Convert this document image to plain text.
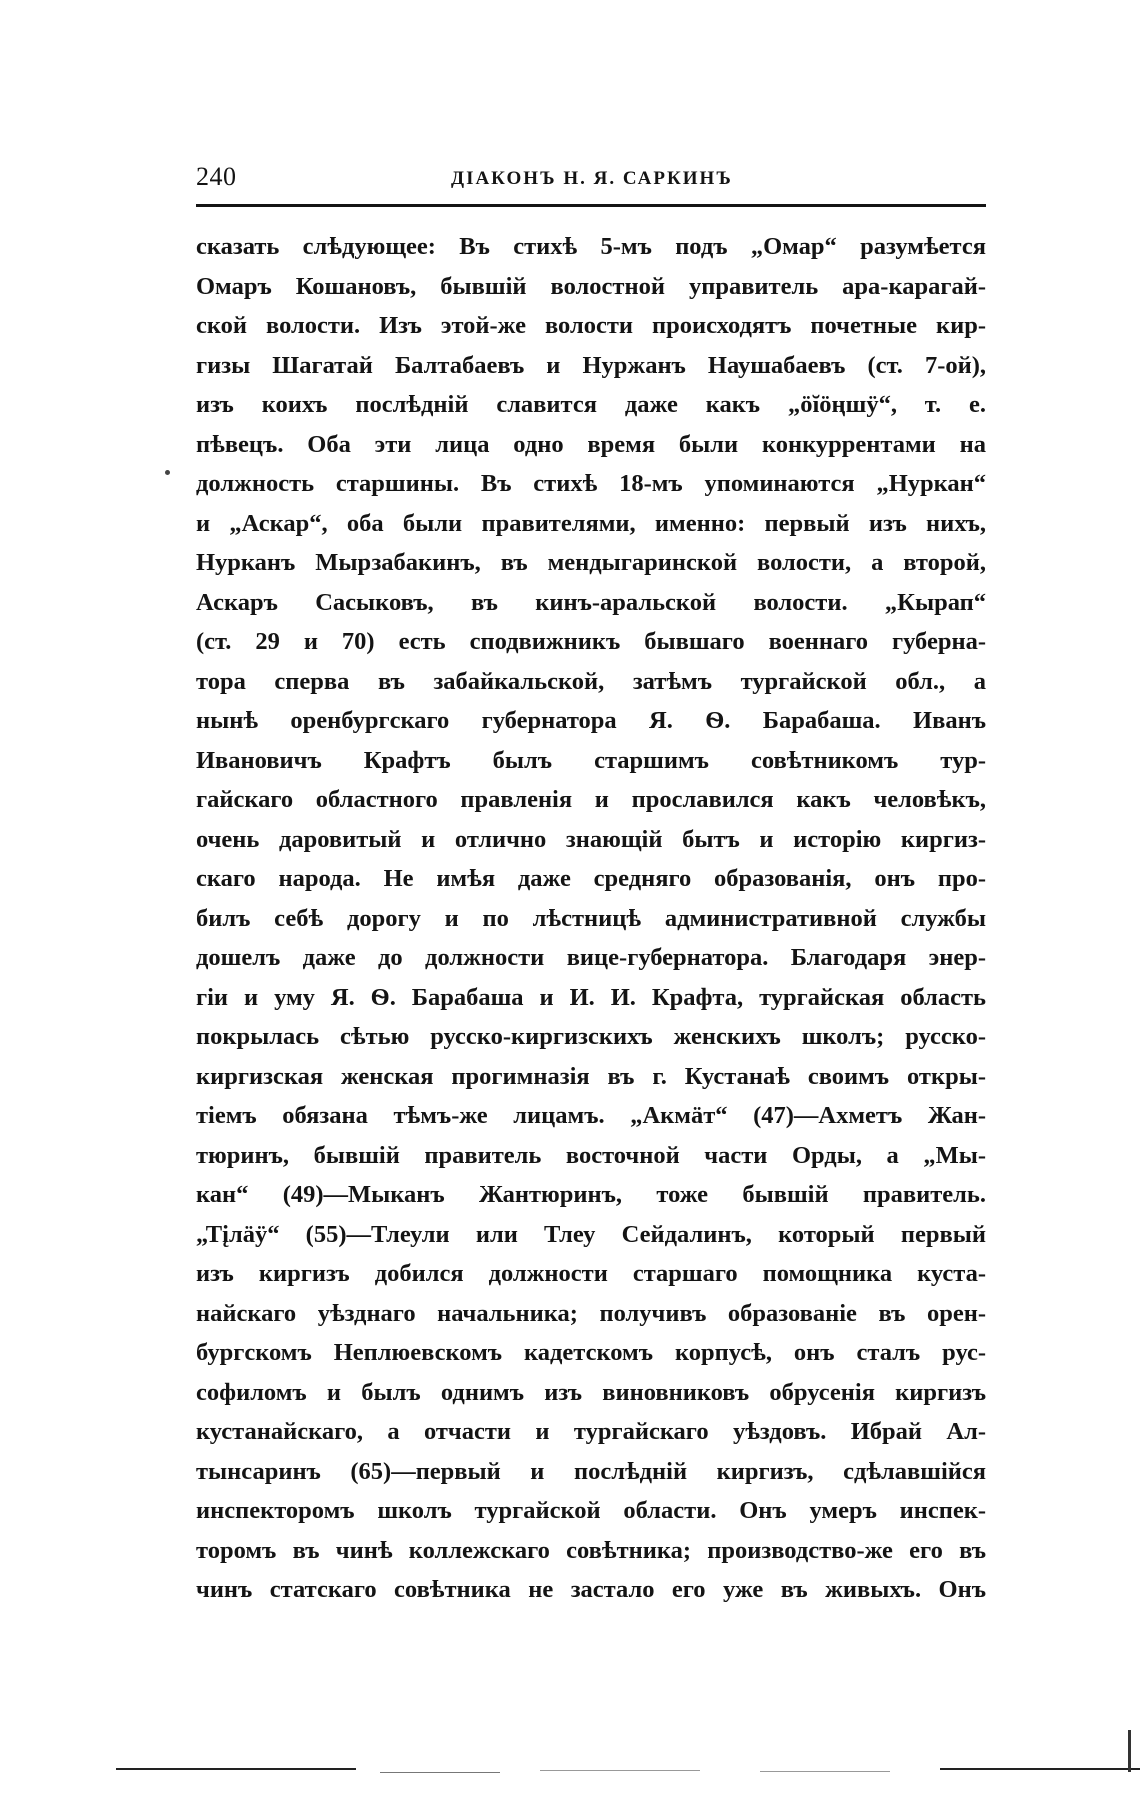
240	ДІАКОНЪ Н. Я. САРКИНЪ
сказать слѣдующее: Въ стихѣ 5-мъ подъ „Омар“ разумѣется
Омаръ Кошановъ, бывшій волостной управитель ара-карагай-
ской волости. Изъ этой-же волости происходятъ почетные кир-
гизы Шагатай Балтабаевъ и Нуржанъ Наушабаевъ (ст. 7-ой),
изъ коихъ послѣдній славится даже какъ „öĭöңшӱ“, т. е.
пѣвецъ. Оба эти лица одно время были конкуррентами на
должность старшины. Въ стихѣ 18-мъ упоминаются „Нуркан“
и „Аскар“, оба были правителями, именно: первый изъ нихъ,
Нурканъ Мырзабакинъ, въ мендыгаринской волости, а второй,
Аскаръ Сасыковъ, въ кинъ-аральской волости. „Кырап“
(ст. 29 и 70) есть сподвижникъ бывшаго военнаго губерна-
тора сперва въ забайкальской, затѣмъ тургайской обл., а
нынѣ оренбургскаго губернатора Я. Ѳ. Барабаша. Иванъ
Ивановичъ Крафтъ былъ старшимъ совѣтникомъ тур-
гайскаго областного правленія и прославился какъ человѣкъ,
очень даровитый и отлично знающій бытъ и исторію киргиз-
скаго народа. Не имѣя даже средняго образованія, онъ про-
билъ себѣ дорогу и по лѣстницѣ административной службы
дошелъ даже до должности вице-губернатора. Благодаря энер-
гіи и уму Я. Ѳ. Барабаша и И. И. Крафта, тургайская область
покрылась сѣтью русско-киргизскихъ женскихъ школъ; русско-
киргизская женская прогимназія въ г. Кустанаѣ своимъ откры-
тіемъ обязана тѣмъ-же лицамъ. „Акмäт“ (47)—Ахметъ Жан-
тюринъ, бывшій правитель восточной части Орды, а „Мы-
кан“ (49)—Мыканъ Жантюринъ, тоже бывшій правитель.
„Тįлäӱ“ (55)—Тлеули или Тлеу Сейдалинъ, который первый
изъ киргизъ добился должности старшаго помощника куста-
найскаго уѣзднаго начальника; получивъ образованіе въ орен-
бургскомъ Неплюевскомъ кадетскомъ корпусѣ, онъ сталъ рус-
софиломъ и былъ однимъ изъ виновниковъ обрусенія киргизъ
кустанайскаго, а отчасти и тургайскаго уѣздовъ. Ибрай Ал-
тынсаринъ (65)—первый и послѣдній киргизъ, сдѣлавшійся
инспекторомъ школъ тургайской области. Онъ умеръ инспек-
торомъ въ чинѣ коллежскаго совѣтника; производство-же его въ
чинъ статскаго совѣтника не застало его уже въ живыхъ. Онъ
